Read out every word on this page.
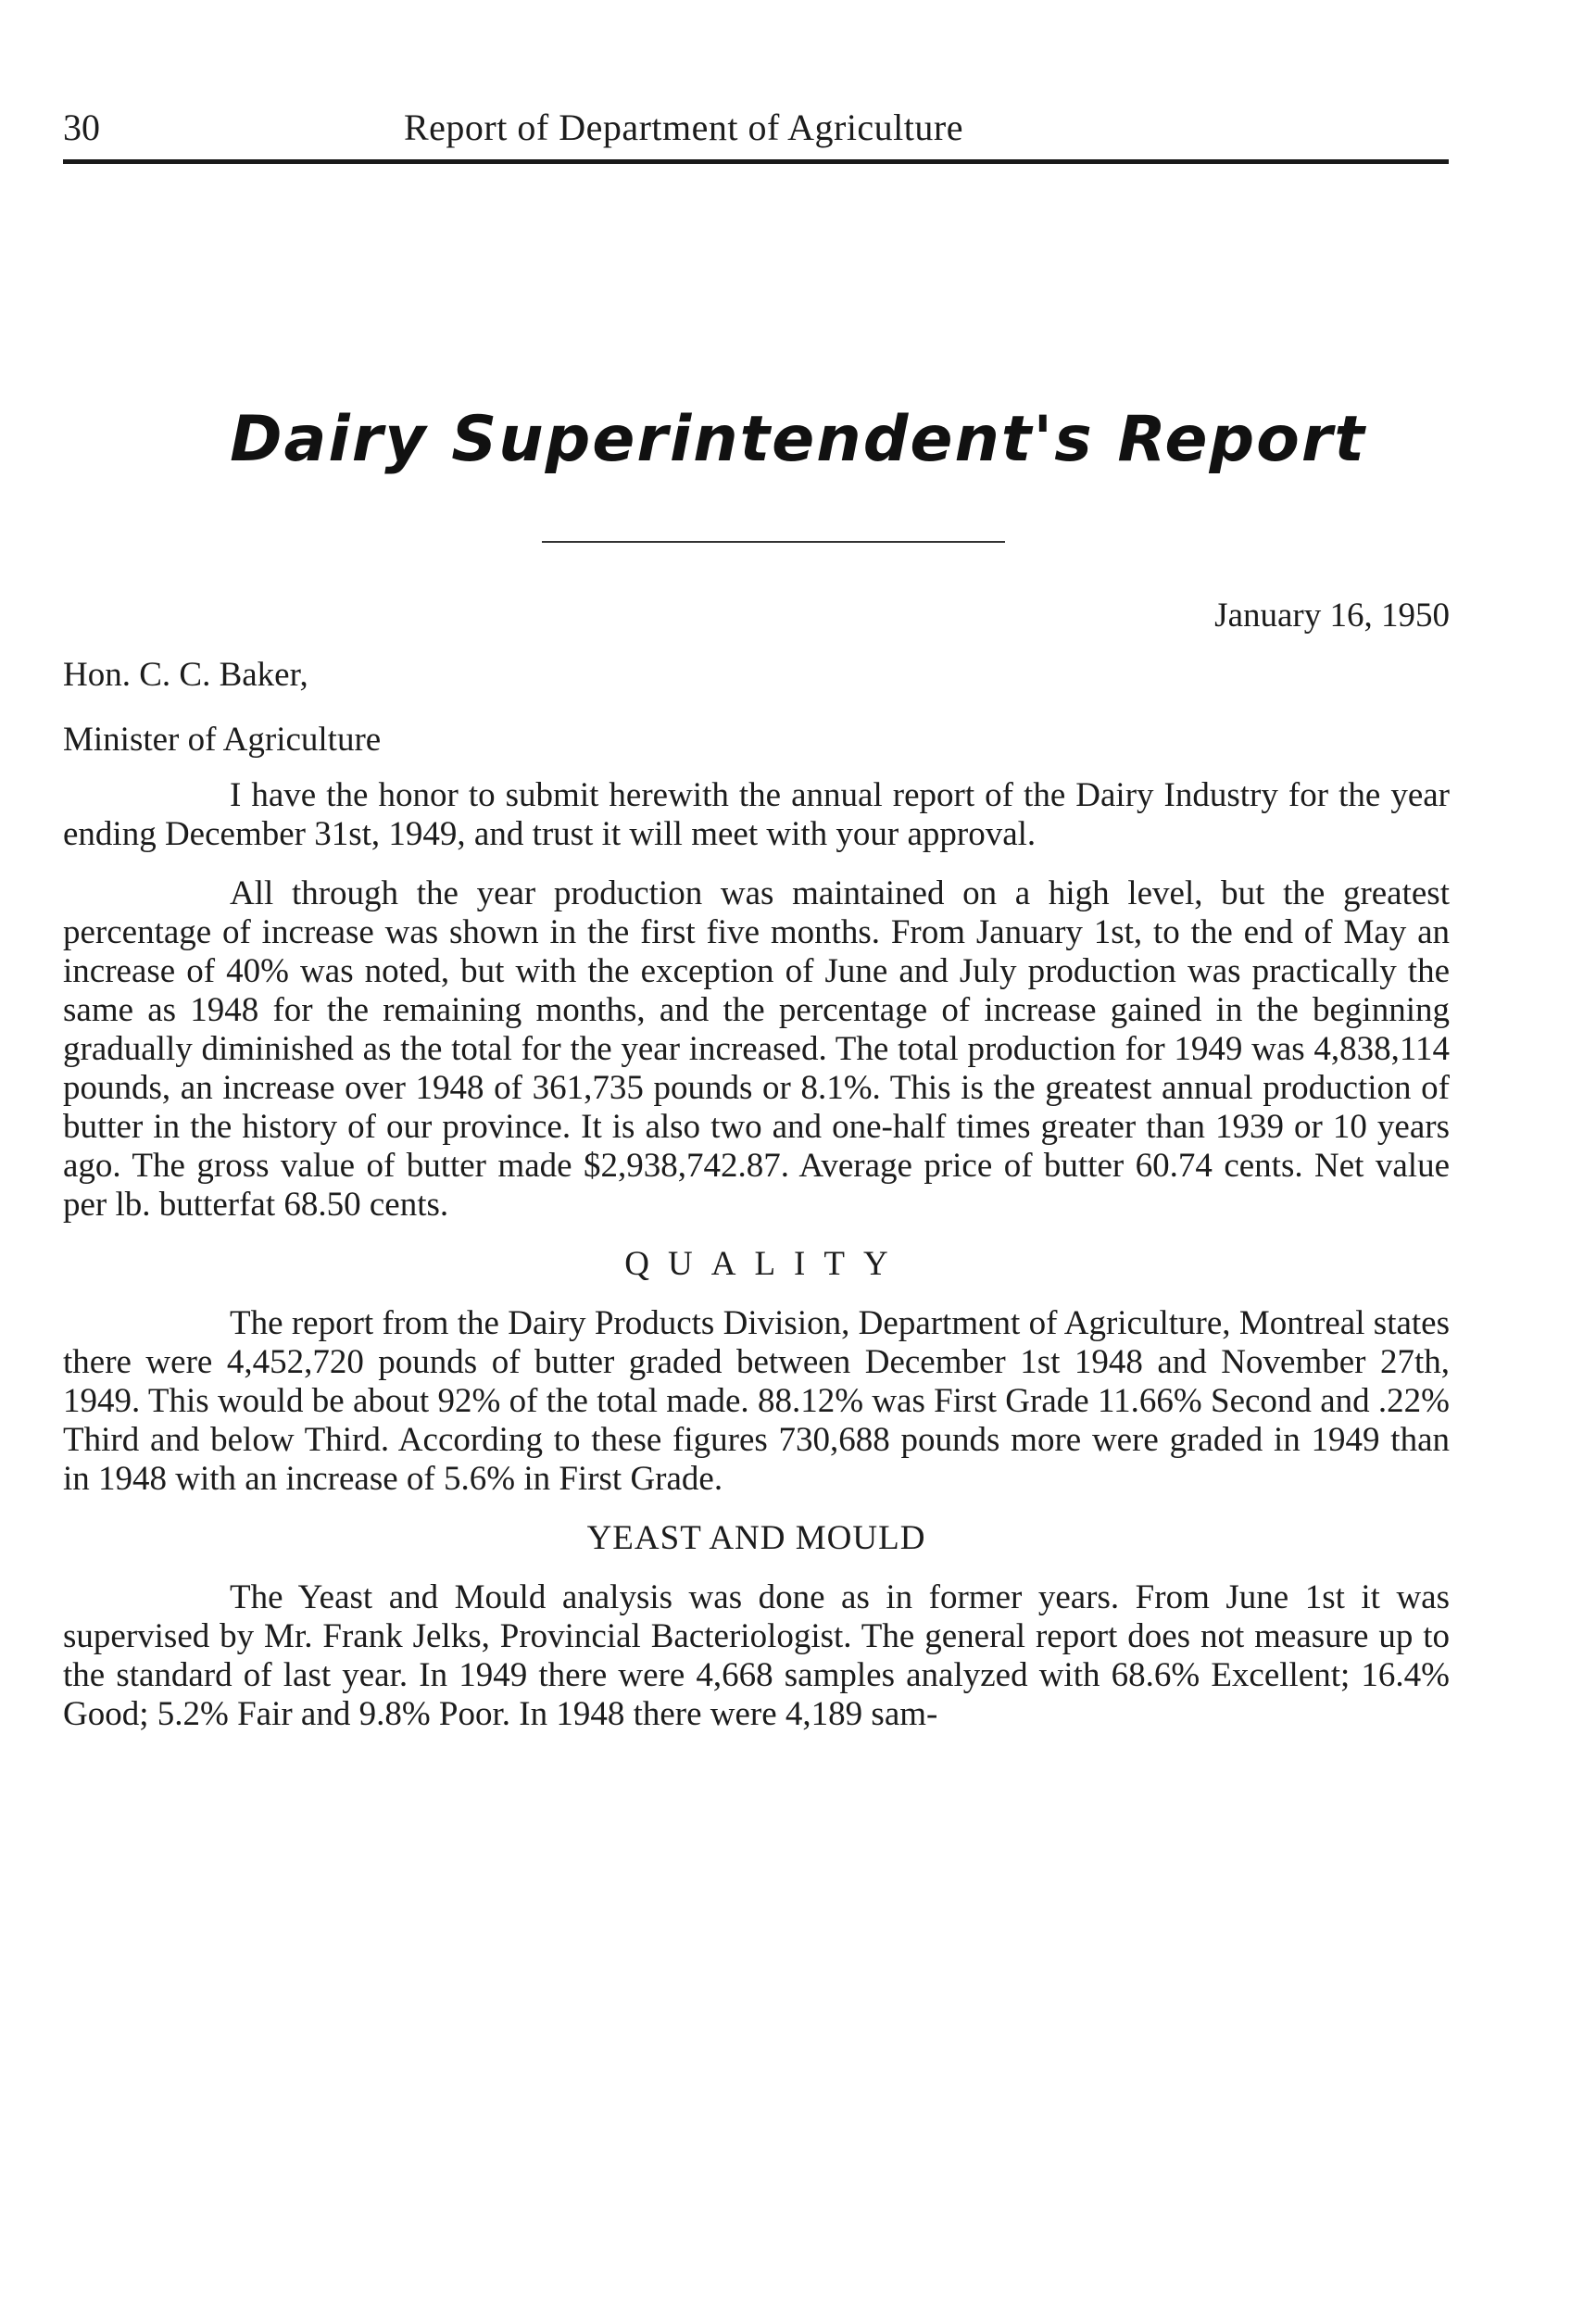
30	Report of Department of Agriculture
Dairy Superintendent's Report
January 16, 1950
Hon. C. C. Baker,
Minister of Agriculture

I have the honor to submit herewith the annual report of the Dairy Industry for the year ending December 31st, 1949, and trust it will meet with your approval.

All through the year production was maintained on a high level, but the greatest percentage of increase was shown in the first five months. From January 1st, to the end of May an increase of 40% was noted, but with the exception of June and July production was practically the same as 1948 for the remaining months, and the percentage of increase gained in the beginning gradually diminished as the total for the year increased. The total production for 1949 was 4,838,114 pounds, an increase over 1948 of 361,735 pounds or 8.1%. This is the greatest annual production of butter in the history of our province. It is also two and one-half times greater than 1939 or 10 years ago. The gross value of butter made $2,938,742.87. Average price of butter 60.74 cents. Net value per lb. butterfat 68.50 cents.

QUALITY

The report from the Dairy Products Division, Department of Agriculture, Montreal states there were 4,452,720 pounds of butter graded between December 1st 1948 and November 27th, 1949. This would be about 92% of the total made. 88.12% was First Grade 11.66% Second and .22% Third and below Third. According to these figures 730,688 pounds more were graded in 1949 than in 1948 with an increase of 5.6% in First Grade.

YEAST AND MOULD

The Yeast and Mould analysis was done as in former years. From June 1st it was supervised by Mr. Frank Jelks, Provincial Bacteriologist. The general report does not measure up to the standard of last year. In 1949 there were 4,668 samples analyzed with 68.6% Excellent; 16.4% Good; 5.2% Fair and 9.8% Poor. In 1948 there were 4,189 sam-
